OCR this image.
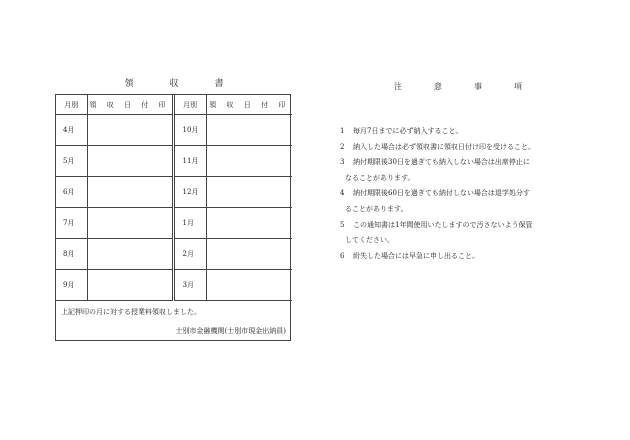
領　　　　収　　　　書
月別	領 収 日 付 印	月別	領 収 日 付 印
4月		10月	
5月		11月	
6月		12月	
7月		1月	
8月		2月	
9月		3月	
上記押印の月に対する授業料領収しました。
士別市金融機関(士別市現金出納員)
注　　　　意　　　　事　　　　項
1 毎月7日までに必ず納入すること。
2 納入した場合は必ず領収書に領収日付け印を受けること。
3 納付期限後30日を過ぎても納入しない場合は出席停止に
なることがあります。
4 納付期限後60日を過ぎても納付しない場合は退学処分す
ることがあります。
5 この通知書は1年間使用いたしますので汚さないよう保管
してください。
6 紛失した場合には早急に申し出ること。
